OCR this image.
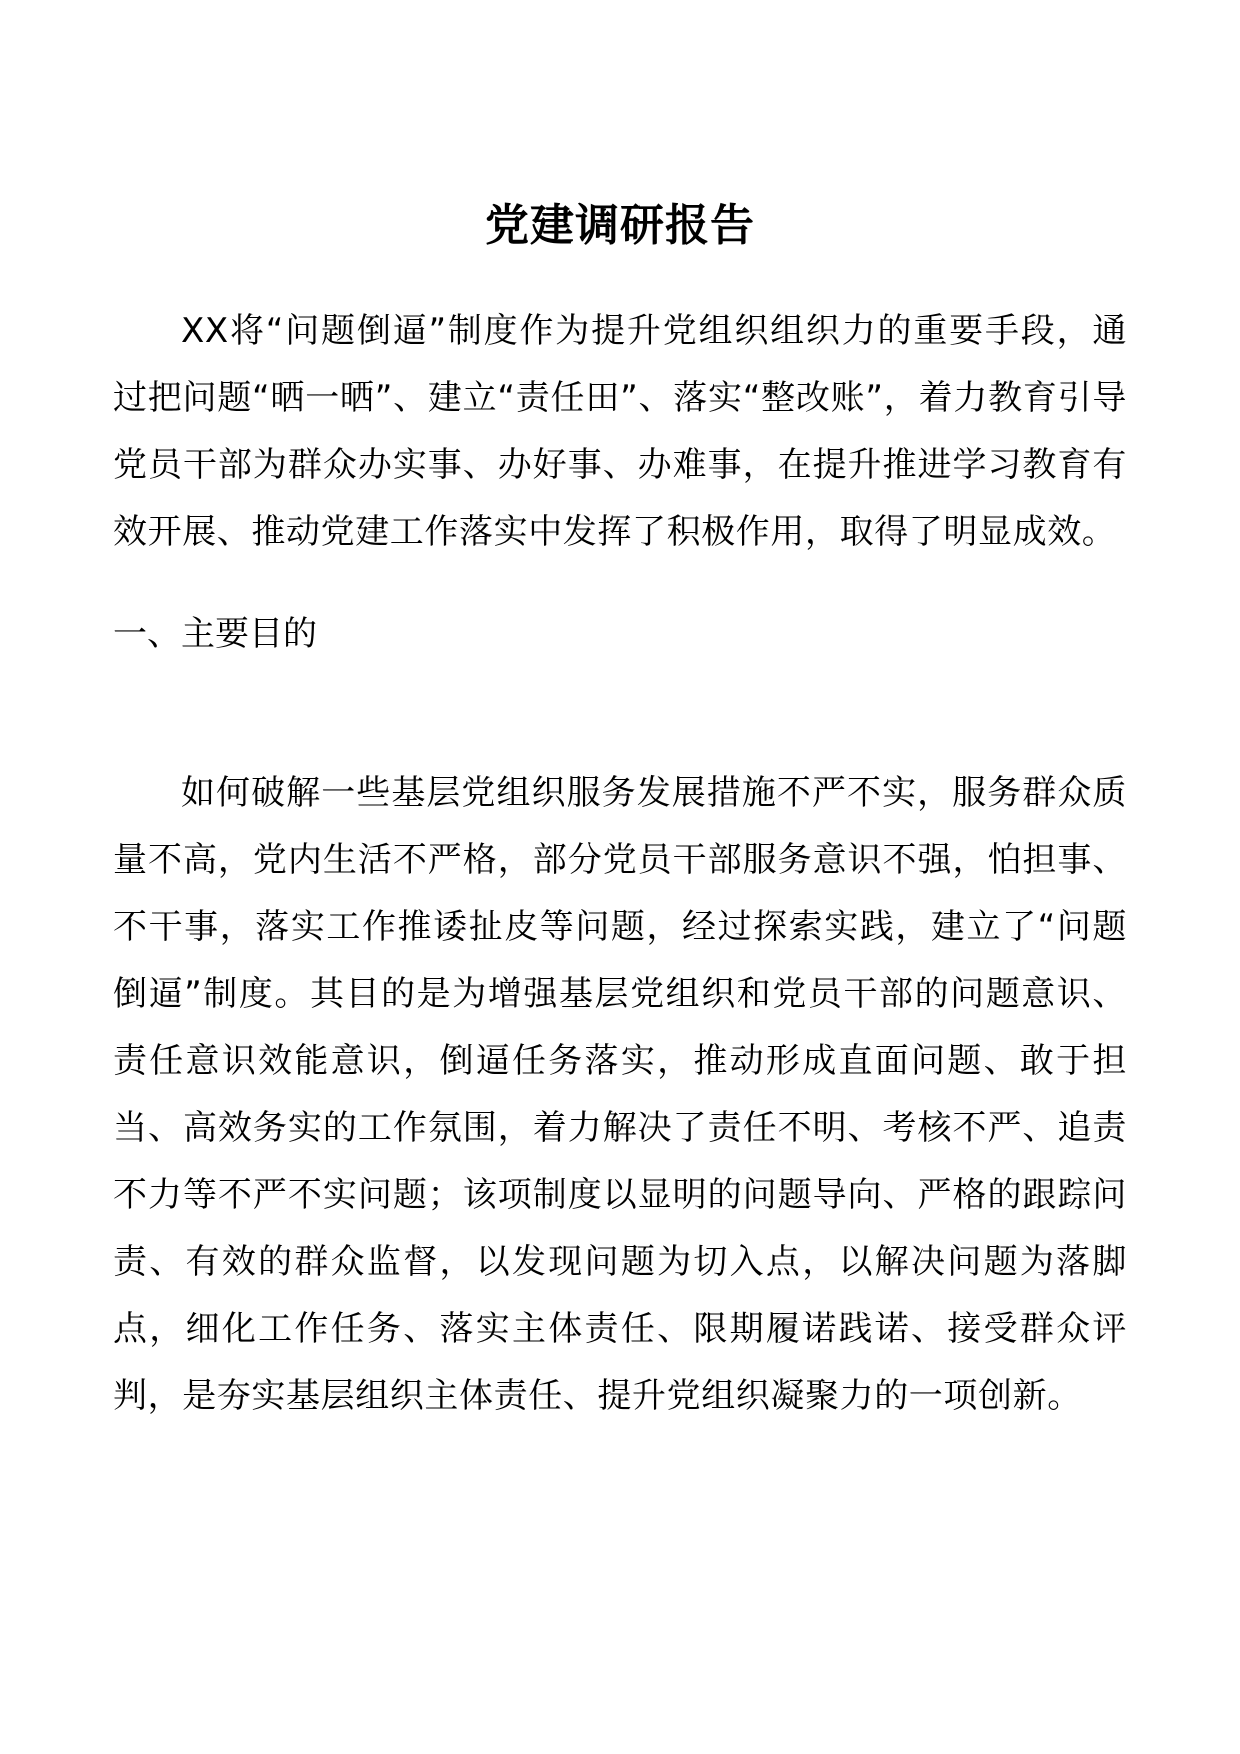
党建调研报告

XX将“问题倒逼”制度作为提升党组织组织力的重要手段，通过把问题“晒一晒”、建立“责任田”、落实“整改账”，着力教育引导党员干部为群众办实事、办好事、办难事，在提升推进学习教育有效开展、推动党建工作落实中发挥了积极作用，取得了明显成效。

一、主要目的

如何破解一些基层党组织服务发展措施不严不实，服务群众质量不高，党内生活不严格，部分党员干部服务意识不强，怕担事、不干事，落实工作推诿扯皮等问题，经过探索实践，建立了“问题倒逼”制度。其目的是为增强基层党组织和党员干部的问题意识、责任意识效能意识，倒逼任务落实，推动形成直面问题、敢于担当、高效务实的工作氛围，着力解决了责任不明、考核不严、追责不力等不严不实问题；该项制度以显明的问题导向、严格的跟踪问责、有效的群众监督，以发现问题为切入点，以解决问题为落脚点，细化工作任务、落实主体责任、限期履诺践诺、接受群众评判，是夯实基层组织主体责任、提升党组织凝聚力的一项创新。
